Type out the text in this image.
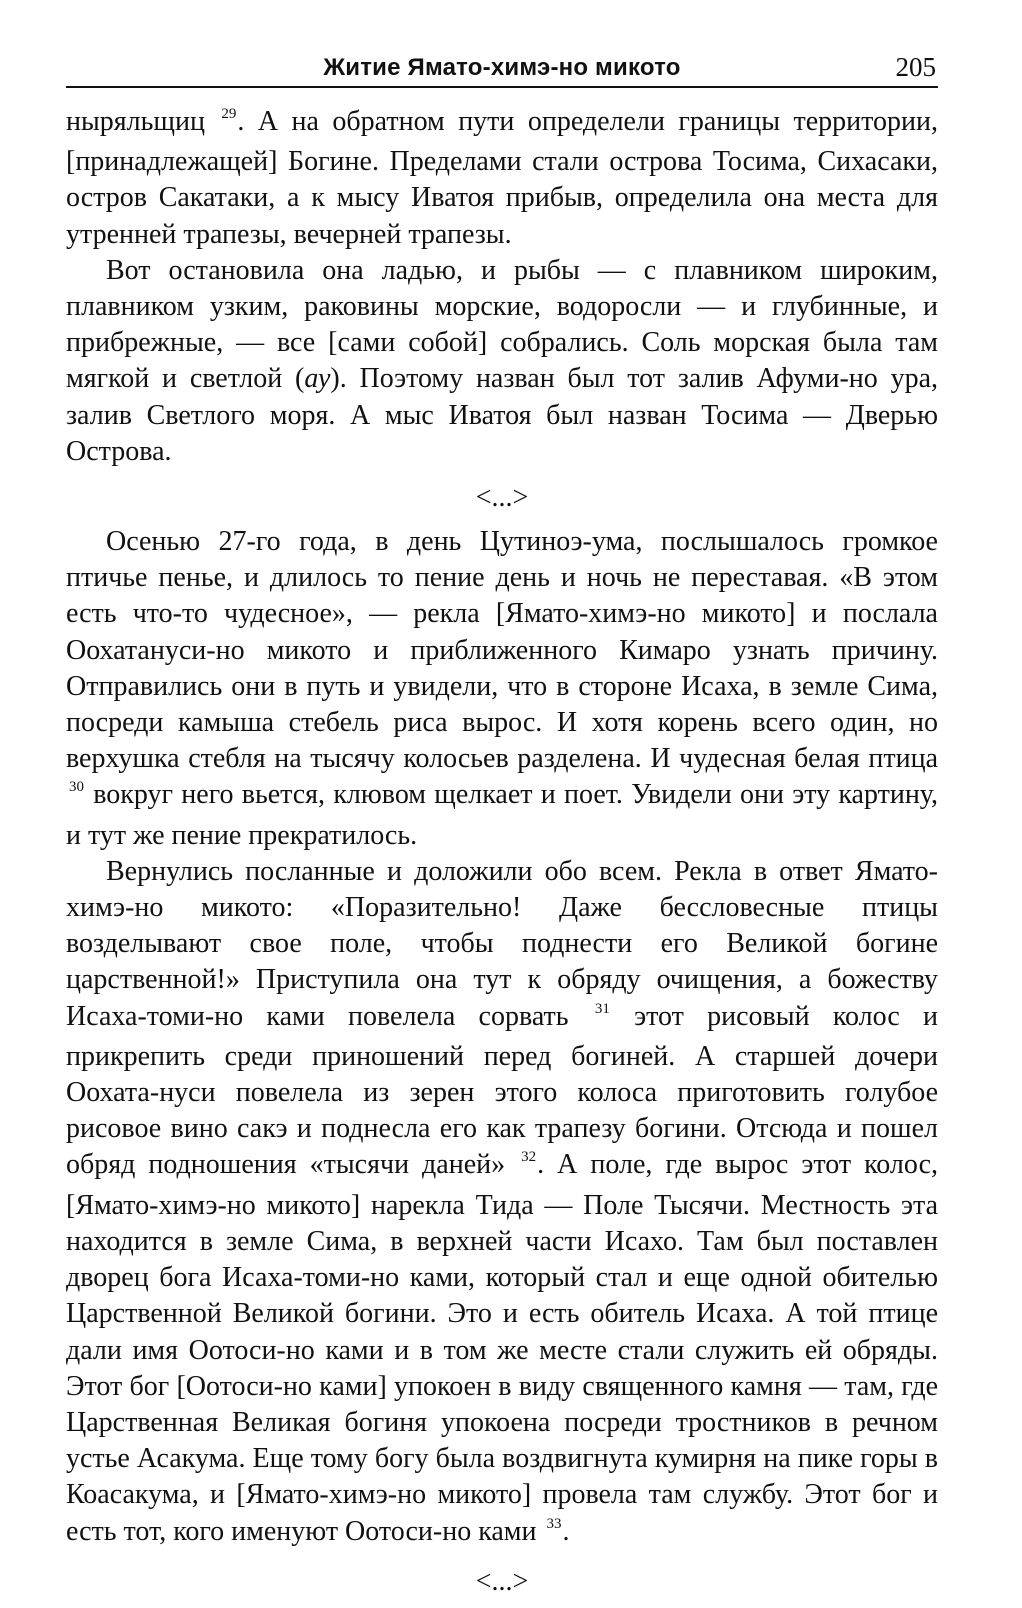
Житие Ямато-химэ-но микото	205

ныряльщиц $^{29}$. А на обратном пути определели границы территории, [принадлежащей] Богине. Пределами стали острова Тосима, Сихасаки, остров Сакатаки, а к мысу Иватоя прибыв, определила она места для утренней трапезы, вечерней трапезы.

Вот остановила она ладью, и рыбы — с плавником широким, плавником узким, раковины морские, водоросли — и глубинные, и прибрежные, — все [сами собой] собрались. Соль морская была там мягкой и светлой (ау). Поэтому назван был тот залив Афуми-но ура, залив Светлого моря. А мыс Иватоя был назван Тосима — Дверью Острова.

<...>

Осенью 27-го года, в день Цутиноэ-ума, послышалось громкое птичье пенье, и длилось то пение день и ночь не переставая. «В этом есть что-то чудесное», — рекла [Ямато-химэ-но микото] и послала Оохатануси-но микото и приближенного Кимаро узнать причину. Отправились они в путь и увидели, что в стороне Исаха, в земле Сима, посреди камыша стебель риса вырос. И хотя корень всего один, но верхушка стебля на тысячу колосьев разделена. И чудесная белая птица $^{30}$ вокруг него вьется, клювом щелкает и поет. Увидели они эту картину, и тут же пение прекратилось.

Вернулись посланные и доложили обо всем. Рекла в ответ Ямато-химэ-но микото: «Поразительно! Даже бессловесные птицы возделывают свое поле, чтобы поднести его Великой богине царственной!» Приступила она тут к обряду очищения, а божеству Исаха-томи-но ками повелела сорвать $^{31}$ этот рисовый колос и прикрепить среди приношений перед богиней. А старшей дочери Оохата-нуси повелела из зерен этого колоса приготовить голубое рисовое вино сакэ и поднесла его как трапезу богини. Отсюда и пошел обряд подношения «тысячи даней» $^{32}$. А поле, где вырос этот колос, [Ямато-химэ-но микото] нарекла Тида — Поле Тысячи. Местность эта находится в земле Сима, в верхней части Исахо. Там был поставлен дворец бога Исаха-томи-но ками, который стал и еще одной обителью Царственной Великой богини. Это и есть обитель Исаха. А той птице дали имя Оотоси-но ками и в том же месте стали служить ей обряды. Этот бог [Оотоси-но ками] упокоен в виду священного камня — там, где Царственная Великая богиня упокоена посреди тростников в речном устье Асакума. Еще тому богу была воздвигнута кумирня на пике горы в Коасакума, и [Ямато-химэ-но микото] провела там службу. Этот бог и есть тот, кого именуют Оотоси-но ками $^{33}$.

<...>
